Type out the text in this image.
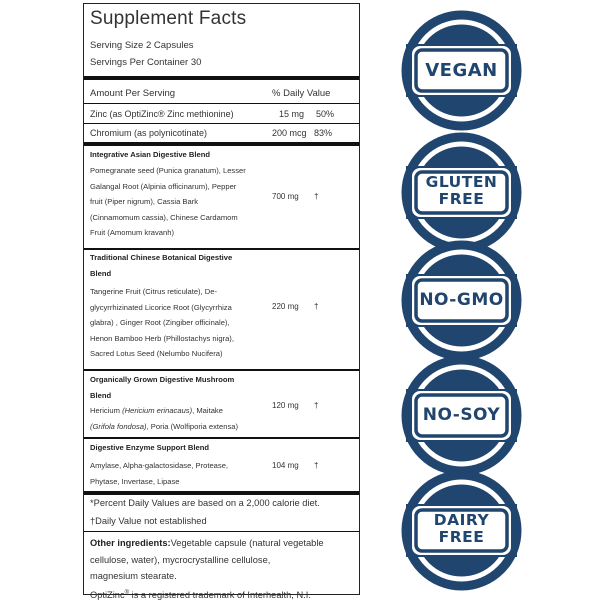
Supplement Facts
Serving Size 2 Capsules
Servings Per Container 30
Amount Per Serving	% Daily Value
Zinc (as OptiZinc® Zinc methionine)	15 mg 50%
Chromium (as polynicotinate)	200 mcg 83%
Integrative Asian Digestive Blend
Pomegranate seed (Punica granatum), Lesser
Galangal Root (Alpinia officinarum), Pepper
fruit (Piper nigrum), Cassia Bark
(Cinnamomum cassia), Chinese Cardamom
Fruit (Amomum kravanh)
700 mg †
Traditional Chinese Botanical Digestive
Blend
Tangerine Fruit (Citrus reticulate), De-
glycyrrhizinated Licorice Root (Glycyrrhiza
glabra) , Ginger Root (Zingiber officinale),
Henon Bamboo Herb (Phillostachys nigra),
Sacred Lotus Seed (Nelumbo Nucifera)
220 mg †
Organically Grown Digestive Mushroom
Blend
Hericium (Hericium erinacaus), Maitake
(Grifola fondosa), Poria (Wolfiporia extensa)
120 mg †
Digestive Enzyme Support Blend
Amylase, Alpha-galactosidase, Protease,
Phytase, Invertase, Lipase
104 mg †
*Percent Daily Values are based on a 2,000 calorie diet.
†Daily Value not established
Other ingredients:Vegetable capsule (natural vegetable
cellulose, water), mycrocrystalline cellulose,
magnesium stearate.
OptiZinc® is a registered trademark of Interhealth, N.I.
VEGAN
GLUTEN
FREE
NO-GMO
NO-SOY
DAIRY
FREE
